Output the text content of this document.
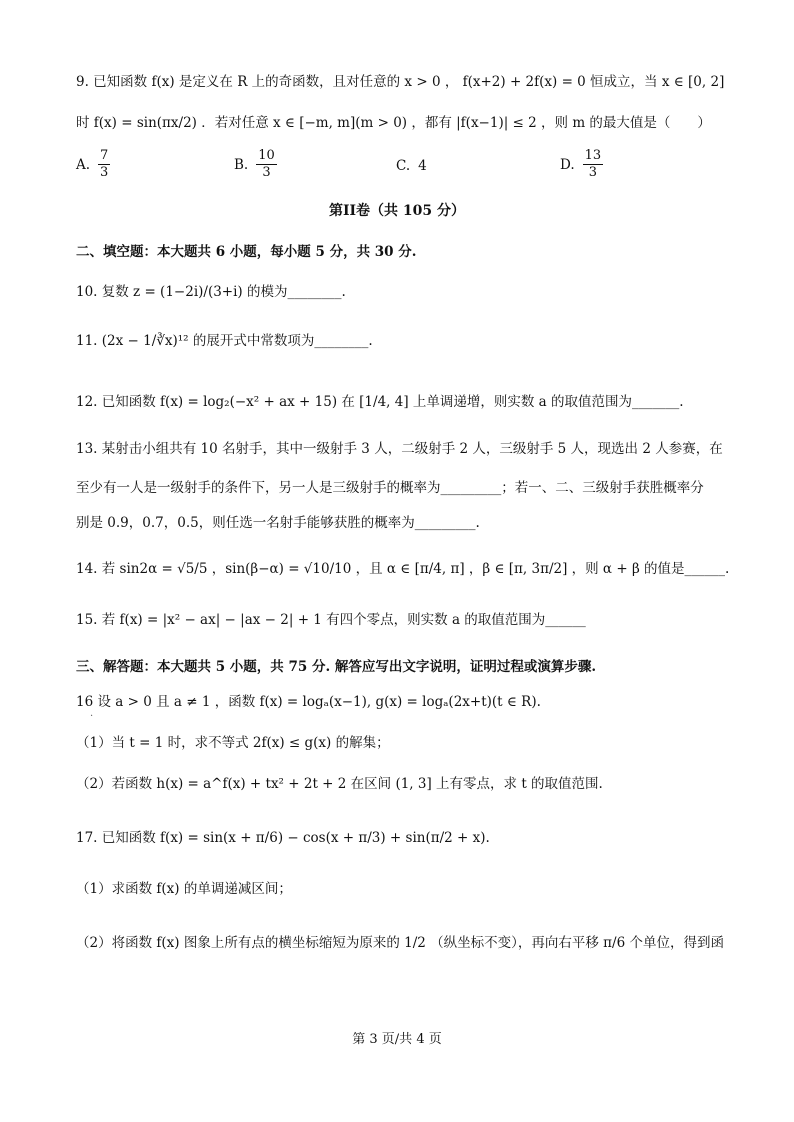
9. 已知函数 f(x) 是定义在 R 上的奇函数，且对任意的 x > 0 ， f(x+2) + 2f(x) = 0 恒成立，当 x ∈ [0, 2]
时 f(x) = sin(πx/2) ．若对任意 x ∈ [−m, m](m > 0) ，都有 |f(x−1)| ≤ 2 ，则 m 的最大值是（　　）
A. $\frac{7}{3}$	B. $\frac{10}{3}$	C. 4	D. $\frac{13}{3}$
第II卷（共 105 分）
二、填空题：本大题共 6 小题，每小题 5 分，共 30 分.
10. 复数 z = (1−2i)/(3+i) 的模为________.
11. (2x − 1/∛x)¹² 的展开式中常数项为________.
12. 已知函数 f(x) = log₂(−x² + ax + 15) 在 [1/4, 4] 上单调递增，则实数 a 的取值范围为_______.
13. 某射击小组共有 10 名射手，其中一级射手 3 人，二级射手 2 人，三级射手 5 人，现选出 2 人参赛，在
至少有一人是一级射手的条件下，另一人是三级射手的概率为_________；若一、二、三级射手获胜概率分
别是 0.9，0.7，0.5，则任选一名射手能够获胜的概率为_________.
14. 若 sin2α = √5/5 ，sin(β−α) = √10/10 ，且 α ∈ [π/4, π] ，β ∈ [π, 3π/2] ，则 α + β 的值是______.
15. 若 f(x) = |x² − ax| − |ax − 2| + 1 有四个零点，则实数 a 的取值范围为______
三、解答题：本大题共 5 小题，共 75 分. 解答应写出文字说明，证明过程或演算步骤.
16 设 a > 0 且 a ≠ 1 ，函数 f(x) = logₐ(x−1), g(x) = logₐ(2x+t)(t ∈ R).
·
（1）当 t = 1 时，求不等式 2f(x) ≤ g(x) 的解集；
（2）若函数 h(x) = a^f(x) + tx² + 2t + 2 在区间 (1, 3] 上有零点，求 t 的取值范围.
17. 已知函数 f(x) = sin(x + π/6) − cos(x + π/3) + sin(π/2 + x).
（1）求函数 f(x) 的单调递减区间；
（2）将函数 f(x) 图象上所有点的横坐标缩短为原来的 1/2 （纵坐标不变），再向右平移 π/6 个单位，得到函
第 3 页/共 4 页
